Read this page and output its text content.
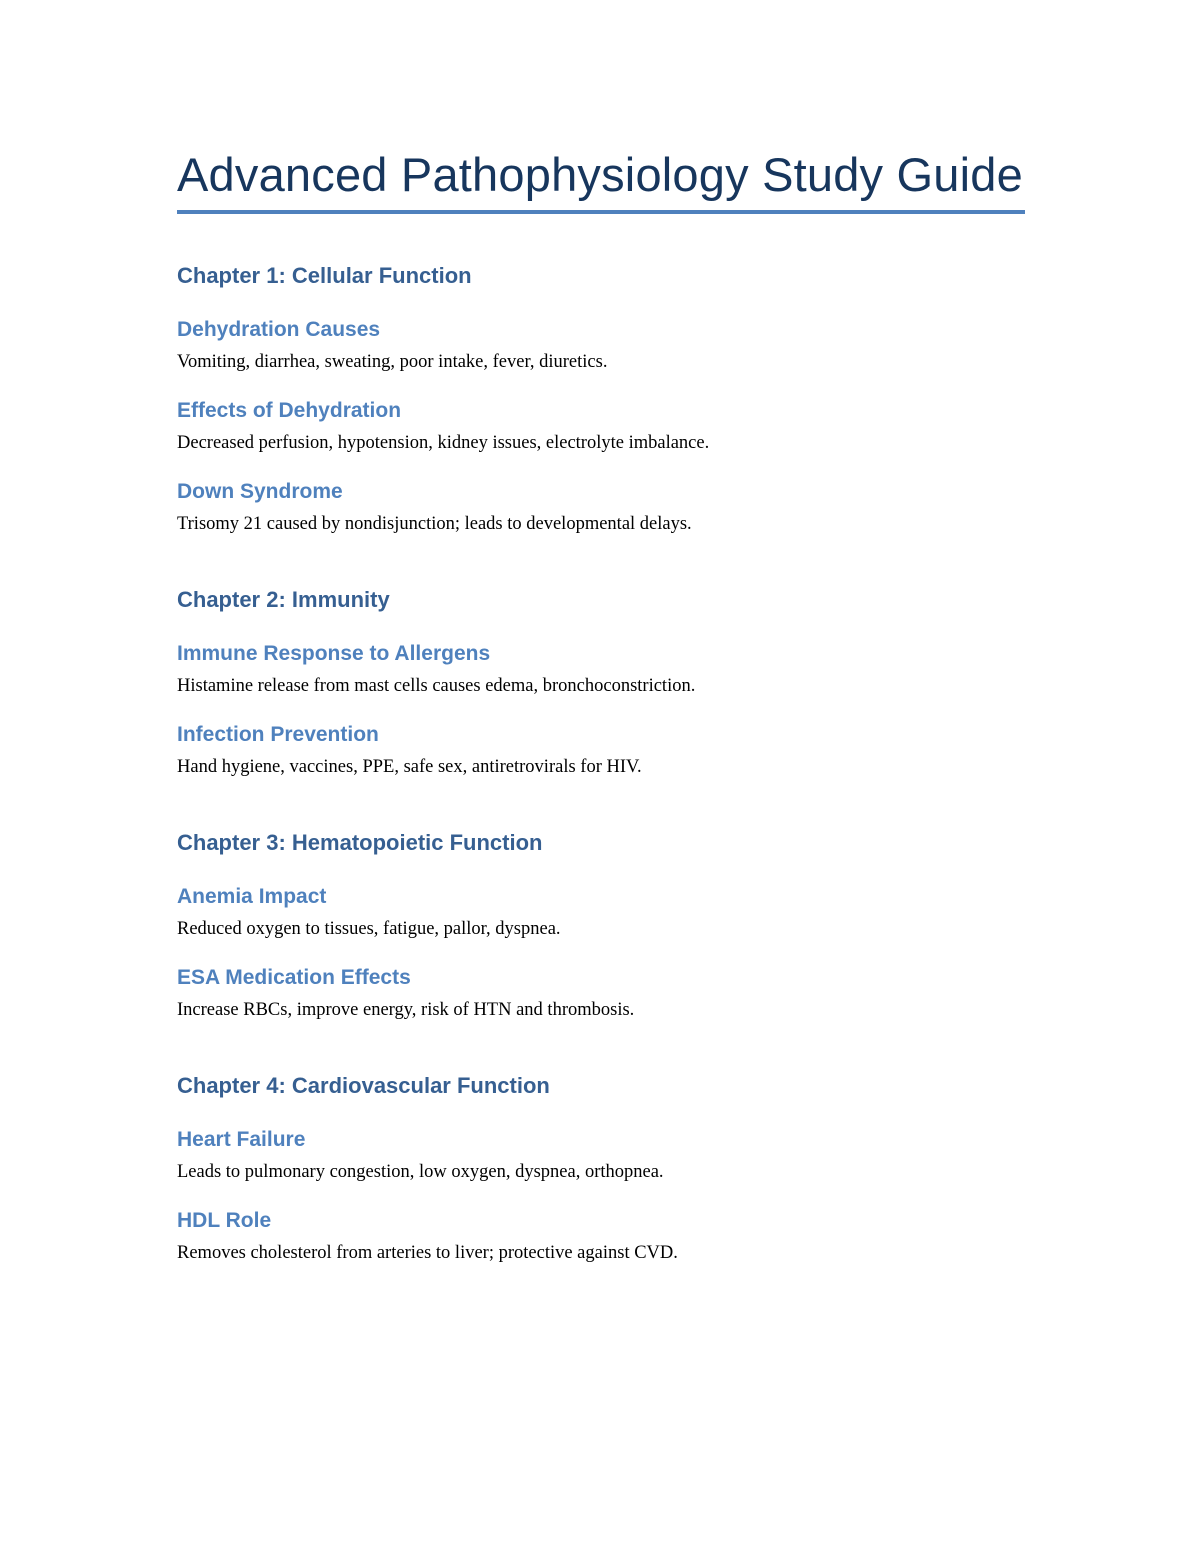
Advanced Pathophysiology Study Guide
Chapter 1: Cellular Function
Dehydration Causes

Vomiting, diarrhea, sweating, poor intake, fever, diuretics.

Effects of Dehydration

Decreased perfusion, hypotension, kidney issues, electrolyte imbalance.

Down Syndrome

Trisomy 21 caused by nondisjunction; leads to developmental delays.

Chapter 2: Immunity
Immune Response to Allergens

Histamine release from mast cells causes edema, bronchoconstriction.

Infection Prevention

Hand hygiene, vaccines, PPE, safe sex, antiretrovirals for HIV.

Chapter 3: Hematopoietic Function
Anemia Impact

Reduced oxygen to tissues, fatigue, pallor, dyspnea.

ESA Medication Effects

Increase RBCs, improve energy, risk of HTN and thrombosis.

Chapter 4: Cardiovascular Function
Heart Failure

Leads to pulmonary congestion, low oxygen, dyspnea, orthopnea.

HDL Role

Removes cholesterol from arteries to liver; protective against CVD.
